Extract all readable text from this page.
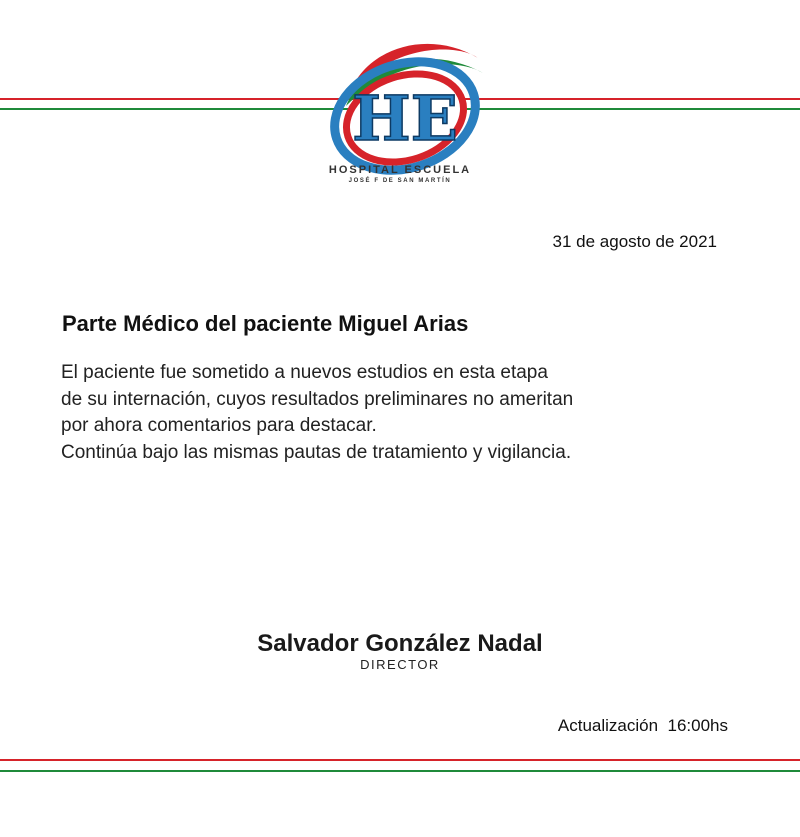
HE
HOSPITAL ESCUELA
JOSÉ F DE SAN MARTÍN
31 de agosto de 2021
Parte Médico del paciente Miguel Arias
El paciente fue sometido a nuevos estudios en esta etapa
de su internación, cuyos resultados preliminares no ameritan
por ahora comentarios para destacar.
Continúa bajo las mismas pautas de tratamiento y vigilancia.
Salvador González Nadal
DIRECTOR
Actualización  16:00hs
